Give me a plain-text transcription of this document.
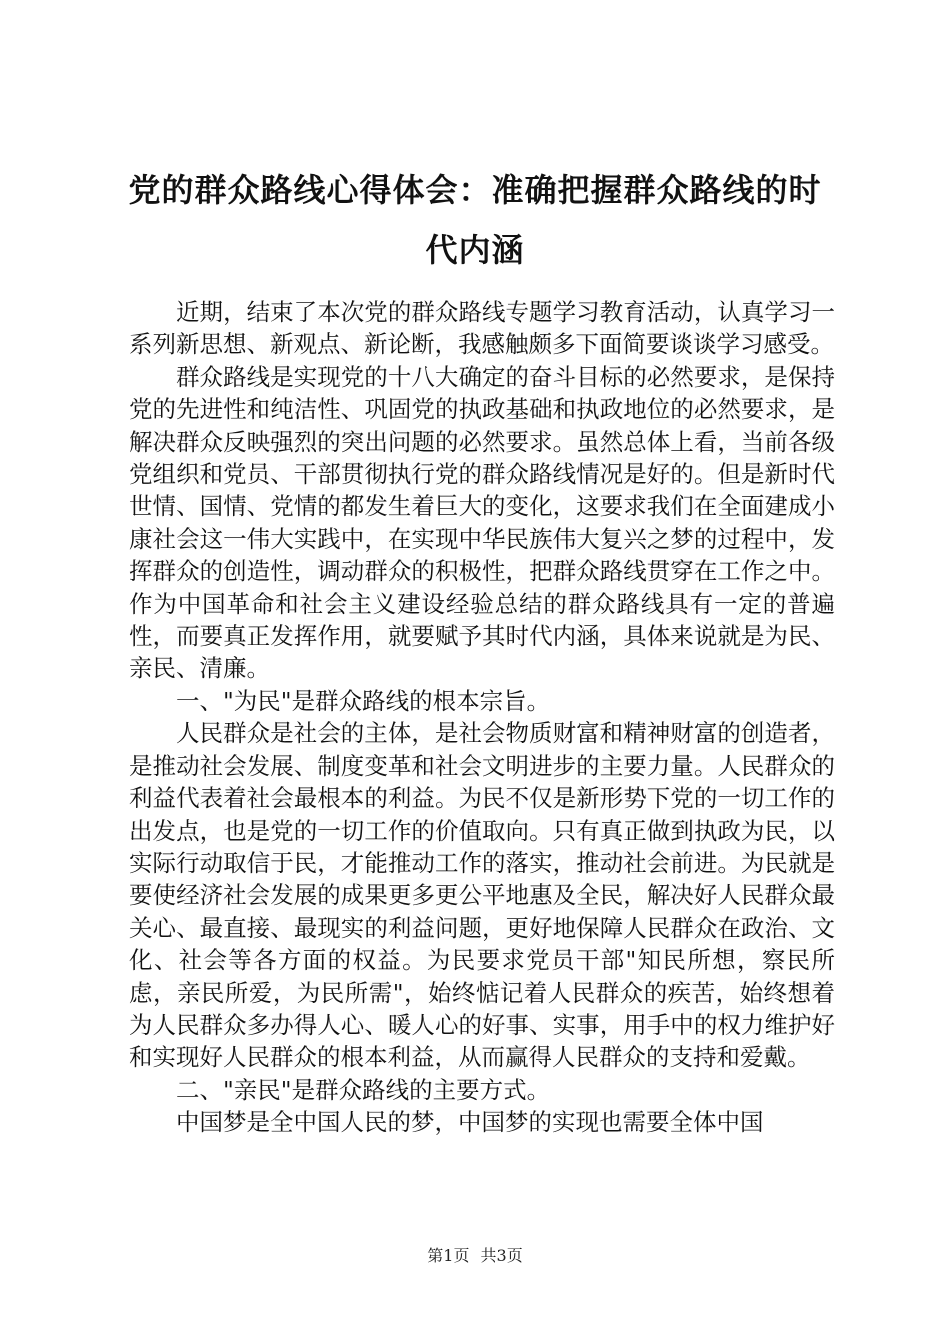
党的群众路线心得体会：准确把握群众路线的时代内涵

近期，结束了本次党的群众路线专题学习教育活动，认真学习一系列新思想、新观点、新论断，我感触颇多下面简要谈谈学习感受。

群众路线是实现党的十八大确定的奋斗目标的必然要求，是保持党的先进性和纯洁性、巩固党的执政基础和执政地位的必然要求，是解决群众反映强烈的突出问题的必然要求。虽然总体上看，当前各级党组织和党员、干部贯彻执行党的群众路线情况是好的。但是新时代世情、国情、党情的都发生着巨大的变化，这要求我们在全面建成小康社会这一伟大实践中，在实现中华民族伟大复兴之梦的过程中，发挥群众的创造性，调动群众的积极性，把群众路线贯穿在工作之中。作为中国革命和社会主义建设经验总结的群众路线具有一定的普遍性，而要真正发挥作用，就要赋予其时代内涵，具体来说就是为民、亲民、清廉。

一、"为民"是群众路线的根本宗旨。

人民群众是社会的主体，是社会物质财富和精神财富的创造者，是推动社会发展、制度变革和社会文明进步的主要力量。人民群众的利益代表着社会最根本的利益。为民不仅是新形势下党的一切工作的出发点，也是党的一切工作的价值取向。只有真正做到执政为民，以实际行动取信于民，才能推动工作的落实，推动社会前进。为民就是要使经济社会发展的成果更多更公平地惠及全民，解决好人民群众最关心、最直接、最现实的利益问题，更好地保障人民群众在政治、文化、社会等各方面的权益。为民要求党员干部"知民所想，察民所虑，亲民所爱，为民所需"，始终惦记着人民群众的疾苦，始终想着为人民群众多办得人心、暖人心的好事、实事，用手中的权力维护好和实现好人民群众的根本利益，从而赢得人民群众的支持和爱戴。

二、"亲民"是群众路线的主要方式。

中国梦是全中国人民的梦，中国梦的实现也需要全体中国

第1页 共3页
